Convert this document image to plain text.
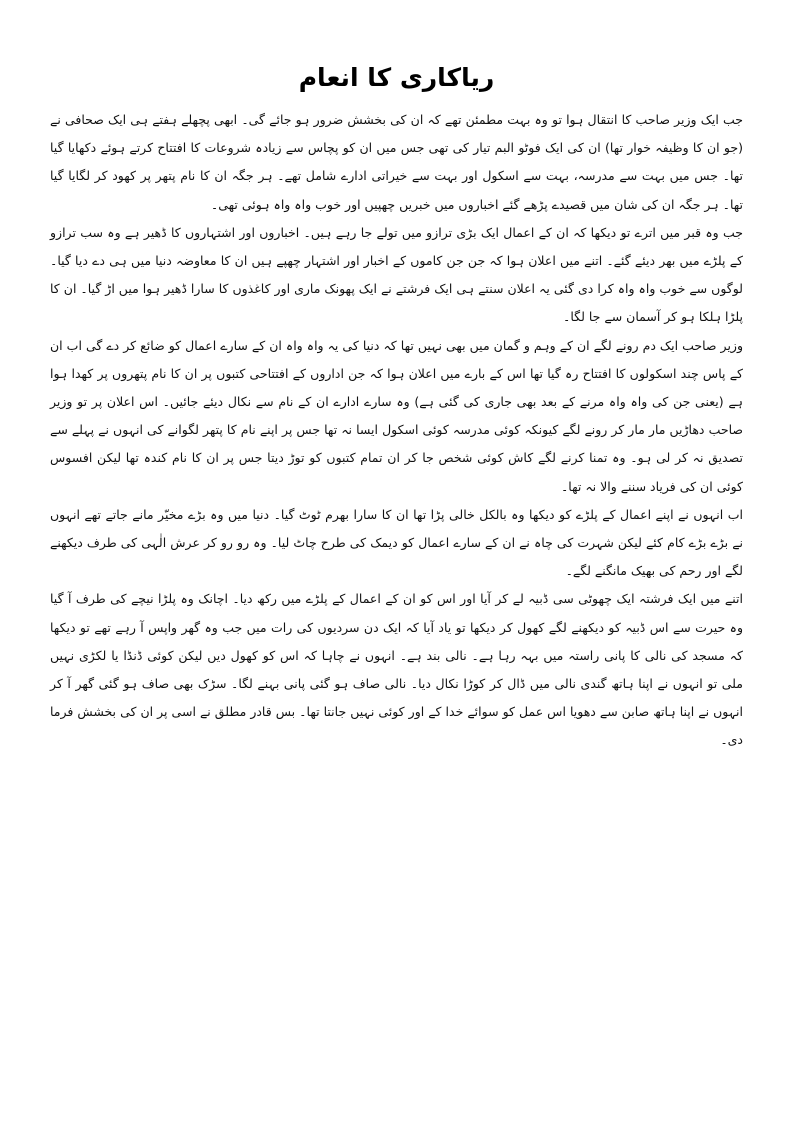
ریاکاری کا انعام

جب ایک وزیر صاحب کا انتقال ہوا تو وہ بہت مطمئن تھے کہ ان کی بخشش ضرور ہو جائے گی۔ ابھی پچھلے ہفتے ہی ایک صحافی نے (جو ان کا وظیفہ خوار تھا) ان کی ایک فوٹو البم تیار کی تھی جس میں ان کو پچاس سے زیادہ شروعات کا افتتاح کرتے ہوئے دکھایا گیا تھا۔ جس میں بہت سے مدرسہ، بہت سے اسکول اور بہت سے خیراتی ادارے شامل تھے۔ ہر جگہ ان کا نام پتھر پر کھود کر لگایا گیا تھا۔ ہر جگہ ان کی شان میں قصیدے پڑھے گئے اخباروں میں خبریں چھپیں اور خوب واہ واہ ہوئی تھی۔

جب وہ قبر میں اترے تو دیکھا کہ ان کے اعمال ایک بڑی ترازو میں تولے جا رہے ہیں۔ اخباروں اور اشتہاروں کا ڈھیر ہے وہ سب ترازو کے پلڑے میں بھر دیئے گئے۔ اتنے میں اعلان ہوا کہ جن جن کاموں کے اخبار اور اشتہار چھپے ہیں ان کا معاوضہ دنیا میں ہی دے دیا گیا۔ لوگوں سے خوب واہ واہ کرا دی گئی یہ اعلان سنتے ہی ایک فرشتے نے ایک پھونک ماری اور کاغذوں کا سارا ڈھیر ہوا میں اڑ گیا۔ ان کا پلڑا ہلکا ہو کر آسمان سے جا لگا۔

وزیر صاحب ایک دم رونے لگے ان کے وہم و گمان میں بھی نہیں تھا کہ دنیا کی یہ واہ واہ ان کے سارے اعمال کو ضائع کر دے گی اب ان کے پاس چند اسکولوں کا افتتاح رہ گیا تھا اس کے بارے میں اعلان ہوا کہ جن اداروں کے افتتاحی کتبوں پر ان کا نام پتھروں پر کھدا ہوا ہے (یعنی جن کی واہ واہ مرنے کے بعد بھی جاری کی گئی ہے) وہ سارے ادارے ان کے نام سے نکال دیئے جائیں۔ اس اعلان پر تو وزیر صاحب دھاڑیں مار مار کر رونے لگے کیونکہ کوئی مدرسہ کوئی اسکول ایسا نہ تھا جس پر اپنے نام کا پتھر لگوانے کی انہوں نے پہلے سے تصدیق نہ کر لی ہو۔ وہ تمنا کرنے لگے کاش کوئی شخص جا کر ان تمام کتبوں کو توڑ دیتا جس پر ان کا نام کندہ تھا لیکن افسوس کوئی ان کی فریاد سننے والا نہ تھا۔

اب انہوں نے اپنے اعمال کے پلڑے کو دیکھا وہ بالکل خالی پڑا تھا ان کا سارا بھرم ٹوٹ گیا۔ دنیا میں وہ بڑے مخیّر مانے جاتے تھے انہوں نے بڑے بڑے کام کئے لیکن شہرت کی چاہ نے ان کے سارے اعمال کو دیمک کی طرح چاٹ لیا۔ وہ رو رو کر عرش الٰہی کی طرف دیکھنے لگے اور رحم کی بھیک مانگنے لگے۔

اتنے میں ایک فرشتہ ایک چھوٹی سی ڈبیہ لے کر آیا اور اس کو ان کے اعمال کے پلڑے میں رکھ دیا۔ اچانک وہ پلڑا نیچے کی طرف آ گیا وہ حیرت سے اس ڈبیہ کو دیکھنے لگے کھول کر دیکھا تو یاد آیا کہ ایک دن سردیوں کی رات میں جب وہ گھر واپس آ رہے تھے تو دیکھا کہ مسجد کی نالی کا پانی راستہ میں بہہ رہا ہے۔ نالی بند ہے۔ انہوں نے چاہا کہ اس کو کھول دیں لیکن کوئی ڈنڈا یا لکڑی نہیں ملی تو انہوں نے اپنا ہاتھ گندی نالی میں ڈال کر کوڑا نکال دیا۔ نالی صاف ہو گئی پانی بہنے لگا۔ سڑک بھی صاف ہو گئی گھر آ کر انہوں نے اپنا ہاتھ صابن سے دھویا اس عمل کو سوائے خدا کے اور کوئی نہیں جانتا تھا۔ بس قادر مطلق نے اسی پر ان کی بخشش فرما دی۔
